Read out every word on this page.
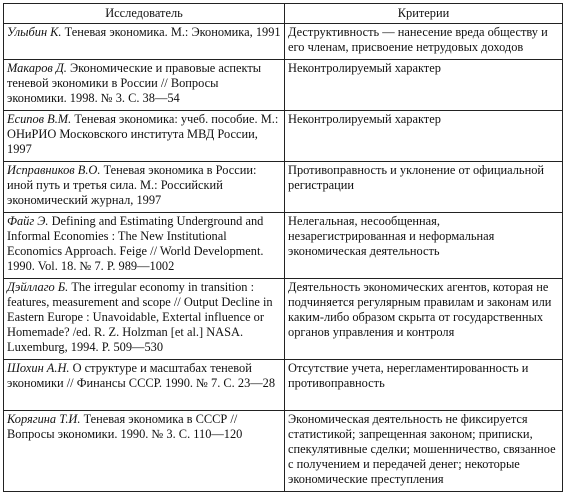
Исследователь	Критерии
Улыбин К. Теневая экономика. М.: Экономика, 1991	Деструктивность — нанесение вреда обществу и его членам, присвоение нетрудовых доходов
Макаров Д. Экономические и правовые аспекты теневой экономики в России // Вопросы экономики. 1998. № 3. С. 38—54	Неконтролируемый характер
Есипов В.М. Теневая экономика: учеб. пособие. М.: ОНиРИО Московского института МВД России, 1997	Неконтролируемый характер
Исправников В.О. Теневая экономика в России: иной путь и третья сила. М.: Российский экономический журнал, 1997	Противоправность и уклонение от официальной регистрации
Файг Э. Defining and Estimating Underground and Informal Economies : The New Institutional Economics Approach. Feige // World Development. 1990. Vol. 18. № 7. P. 989—1002	Нелегальная, несообщенная, незарегистрированная и неформальная экономическая деятельность
Дэйллаго Б. The irregular economy in transition : features, measurement and scope // Output Decline in Eastern Europe : Unavoidable, Extertal influence or Homemade? /ed. R. Z. Holzman [et al.] NASA. Luxemburg, 1994. P. 509—530	Деятельность экономических агентов, которая не подчиняется регулярным правилам и законам или каким-либо образом скрыта от государственных органов управления и контроля
Шохин А.Н. О структуре и масштабах теневой экономики // Финансы СССР. 1990. № 7. С. 23—28	Отсутствие учета, нерегламентированность и противоправность
Корягина Т.И. Теневая экономика в СССР // Вопросы экономики. 1990. № 3. С. 110—120	Экономическая деятельность не фиксируется статистикой; запрещенная законом; приписки, спекулятивные сделки; мошенничество, связанное с получением и передачей денег; некоторые экономические преступления
